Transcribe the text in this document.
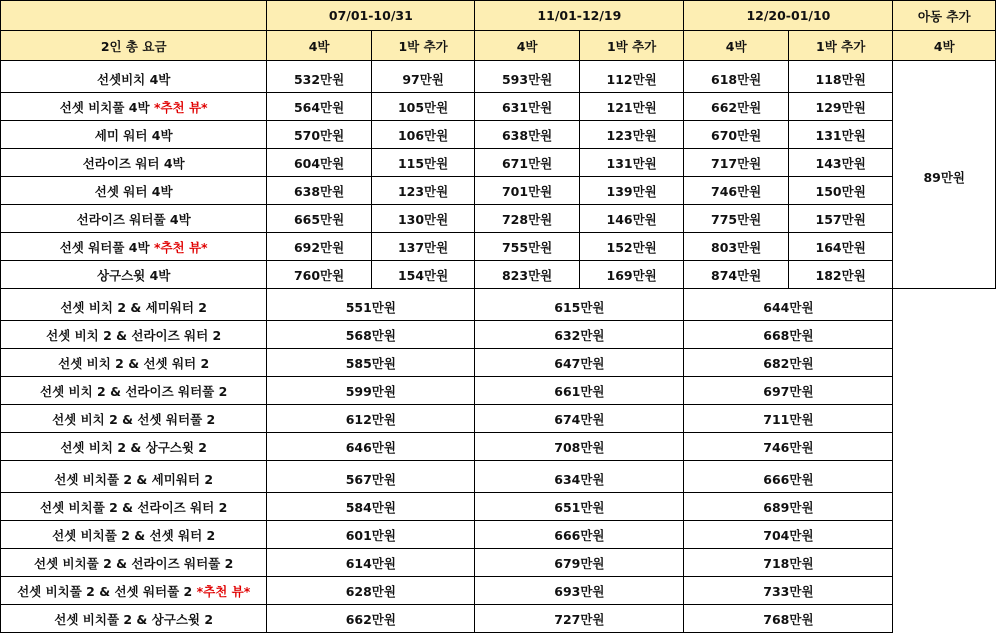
	07/01-10/31		11/01-12/19		12/20-01/10		아동 추가
2인 총 요금	4박	1박 추가	4박	1박 추가	4박	1박 추가	4박
선셋비치 4박	532만원	97만원	593만원	112만원	618만원	118만원	89만원
선셋 비치풀 4박 *추천 뷰*	564만원	105만원	631만원	121만원	662만원	129만원	
세미 워터 4박	570만원	106만원	638만원	123만원	670만원	131만원	
선라이즈 워터 4박	604만원	115만원	671만원	131만원	717만원	143만원	
선셋 워터 4박	638만원	123만원	701만원	139만원	746만원	150만원	
선라이즈 워터풀 4박	665만원	130만원	728만원	146만원	775만원	157만원	
선셋 워터풀 4박 *추천 뷰*	692만원	137만원	755만원	152만원	803만원	164만원	
상구스윗 4박	760만원	154만원	823만원	169만원	874만원	182만원	
선셋 비치 2 & 세미워터 2	551만원		615만원		644만원		
선셋 비치 2 & 선라이즈 워터 2	568만원		632만원		668만원		
선셋 비치 2 & 선셋 워터 2	585만원		647만원		682만원		
선셋 비치 2 & 선라이즈 워터풀 2	599만원		661만원		697만원		
선셋 비치 2 & 선셋 워터풀 2	612만원		674만원		711만원		
선셋 비치 2 & 상구스윗 2	646만원		708만원		746만원		
선셋 비치풀 2 & 세미워터 2	567만원		634만원		666만원		
선셋 비치풀 2 & 선라이즈 워터 2	584만원		651만원		689만원		
선셋 비치풀 2 & 선셋 워터 2	601만원		666만원		704만원		
선셋 비치풀 2 & 선라이즈 워터풀 2	614만원		679만원		718만원		
선셋 비치풀 2 & 선셋 워터풀 2 *추천 뷰*	628만원		693만원		733만원		
선셋 비치풀 2 & 상구스윗 2	662만원		727만원		768만원		
